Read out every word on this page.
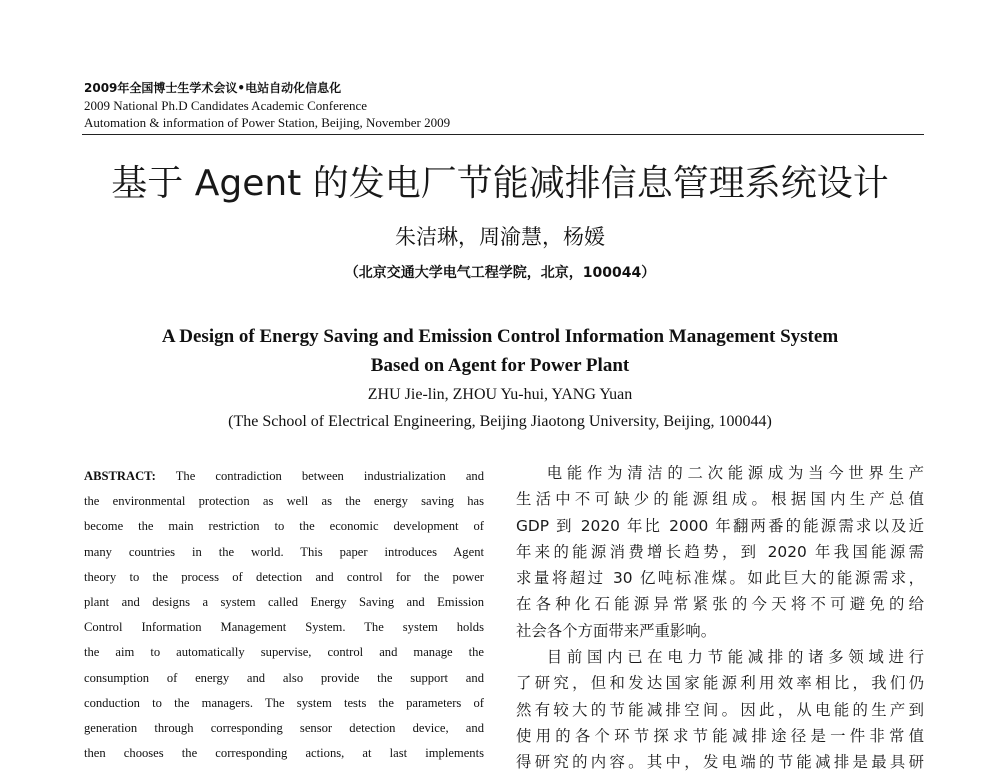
2009年全国博士生学术会议•电站自动化信息化
2009 National Ph.D Candidates Academic Conference
Automation & information of Power Station, Beijing, November 2009
基于 Agent 的发电厂节能减排信息管理系统设计
朱洁琳，周渝慧，杨媛
（北京交通大学电气工程学院，北京，100044）
A Design of Energy Saving and Emission Control Information Management System
Based on Agent for Power Plant
ZHU Jie-lin, ZHOU Yu-hui, YANG Yuan
(The School of Electrical Engineering, Beijing Jiaotong University, Beijing, 100044)
ABSTRACT: The contradiction between industrialization and
the environmental protection as well as the energy saving has
become the main restriction to the economic development of
many countries in the world. This paper introduces Agent
theory to the process of detection and control for the power
plant and designs a system called Energy Saving and Emission
Control Information Management System. The system holds
the aim to automatically supervise, control and manage the
consumption of energy and also provide the support and
conduction to the managers. The system tests the parameters of
generation through corresponding sensor detection device, and
then chooses the corresponding actions, at last implements
电能作为清洁的二次能源成为当今世界生产
生活中不可缺少的能源组成。根据国内生产总值
GDP 到 2020 年比 2000 年翻两番的能源需求以及近
年来的能源消费增长趋势，到 2020 年我国能源需
求量将超过 30 亿吨标准煤。如此巨大的能源需求，
在各种化石能源异常紧张的今天将不可避免的给
社会各个方面带来严重影响。
目前国内已在电力节能减排的诸多领域进行
了研究，但和发达国家能源利用效率相比，我们仍
然有较大的节能减排空间。因此，从电能的生产到
使用的各个环节探求节能减排途径是一件非常值
得研究的内容。其中，发电端的节能减排是最具研
